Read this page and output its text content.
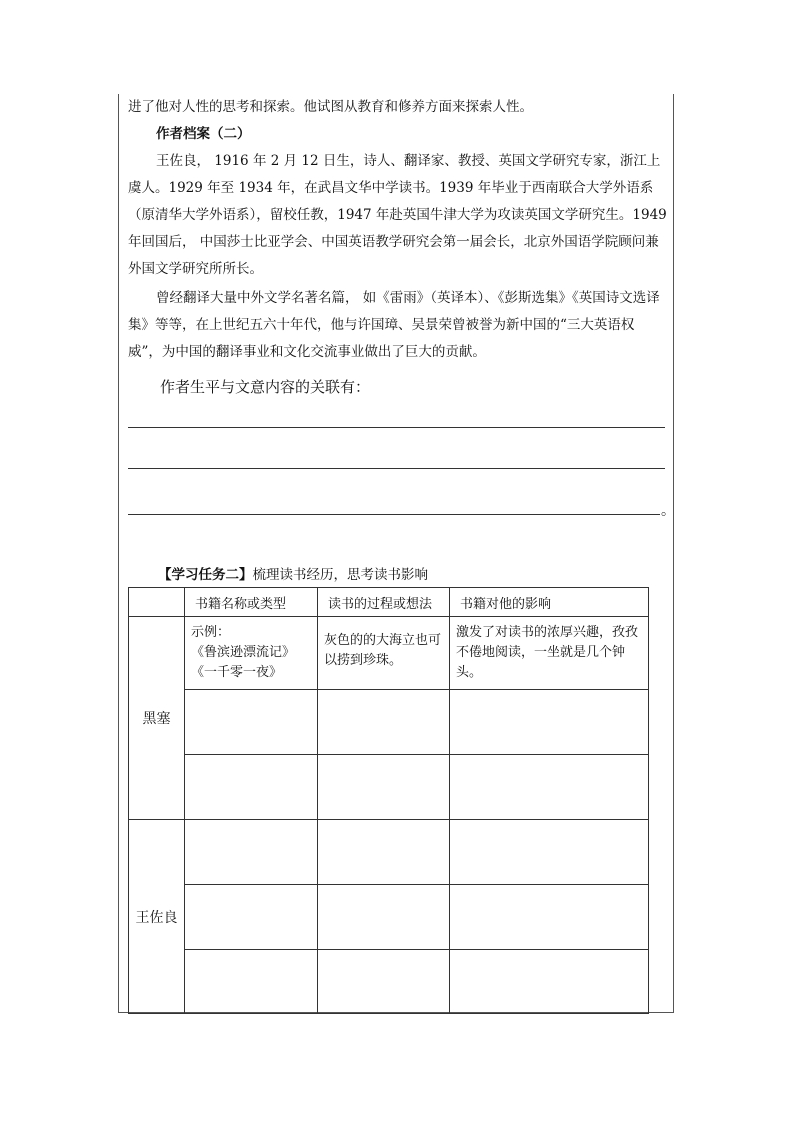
进了他对人性的思考和探索。他试图从教育和修养方面来探索人性。

作者档案（二）

王佐良， 1916 年 2 月 12 日生，诗人、翻译家、教授、英国文学研究专家，浙江上虞人。1929 年至 1934 年，在武昌文华中学读书。1939 年毕业于西南联合大学外语系（原清华大学外语系），留校任教，1947 年赴英国牛津大学为攻读英国文学研究生。1949 年回国后， 中国莎士比亚学会、中国英语教学研究会第一届会长，北京外国语学院顾问兼外国文学研究所所长。

曾经翻译大量中外文学名著名篇， 如《雷雨》（英译本）、《彭斯选集》《英国诗文选译集》等等，在上世纪五六十年代，他与许国璋、吴景荣曾被誉为新中国的“三大英语权威”，为中国的翻译事业和文化交流事业做出了巨大的贡献。

作者生平与文意内容的关联有：
。
【学习任务二】梳理读书经历，思考读书影响
	书籍名称或类型	读书的过程或想法	书籍对他的影响
黑塞	示例：
《鲁滨逊漂流记》
《一千零一夜》	灰色的的大海立也可以捞到珍珠。	激发了对读书的浓厚兴趣，孜孜不倦地阅读，一坐就是几个钟头。

王佐良			
